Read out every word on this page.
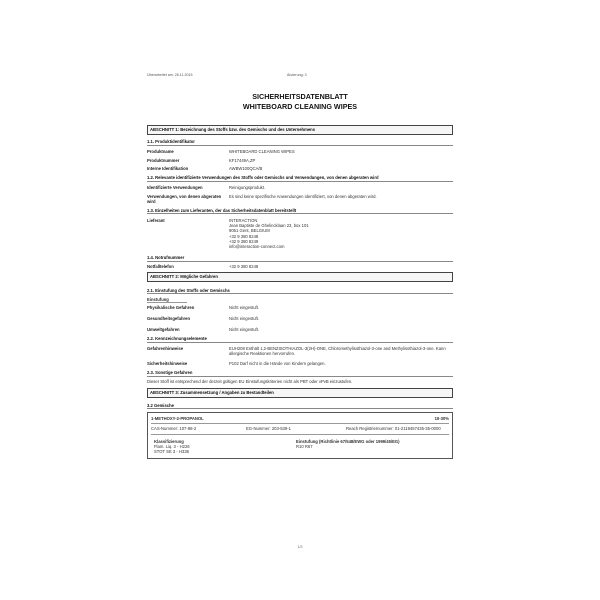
Überarbeitet am: 26.11.2015	Änderung: 3
SICHERHEITSDATENBLATT
WHITEBOARD CLEANING WIPES
ABSCHNITT 1: Bezeichnung des Stoffs bzw. des Gemischs und des Unternehmens
1.1. Produktidentifikator
Produktname	WHITEBOARD CLEANING WIPES
Produktnummer	KF17449A,ZP
Interne Identifikation	AWBW100QCA/B
1.2. Relevante identifizierte Verwendungen des Stoffs oder Gemischs und Verwendungen, von denen abgeraten wird
Identifizierte Verwendungen	Reinigungsprodukt.
Verwendungen, von denen abgeraten wird
Es sind keine spezifische Anwendungen identifiziert, von denen abgeraten wird.
1.3. Einzelheiten zum Lieferanten, der das Sicherheitsdatenblatt bereitstellt
Lieferant	INTERACTION
Jean Baptiste de Ghelincklaan 23, box 101
9051 Gent, BELGIUM
+32 9 380 8248
+32 9 380 8249
info@interaction-connect.com
1.4. Notrufnummer
Notfalltelefon	+32 9 380 8248
ABSCHNITT 2: Mögliche Gefahren
2.1. Einstufung des Stoffs oder Gemischs
Einstufung
Physikalische Gefahren	Nicht eingestuft.
Gesundheitsgefahren	Nicht eingestuft.
Umweltgefahren	Nicht eingestuft.
2.2. Kennzeichnungselemente
Gefahrenhinweise	EUH208 Enthält 1,2-BENZISOTHIAZOL-3(2H)-ONE, Chloromethylisothiazol-3-one and Methylisothiazol-3-one. Kann allergische Reaktionen hervorrufen.
Sicherheitshinweise	P102 Darf nicht in die Hände von Kindern gelangen.
2.3. Sonstige Gefahren
Dieser Stoff ist entsprechend der derzeit gültigen EU Einstufungskriterien nicht als PBT oder vPvB einzustufen.
ABSCHNITT 3: Zusammensetzung / Angaben zu Bestandteilen
3.2 Gemische
1-METHOXY-2-PROPANOL	10-30%
CAS-Nummer: 107-98-2	EG-Nummer: 203-539-1	Reach Registriernummer: 01-2119457435-35-0000
Klassifizierung
Flam. Liq. 3 - H226
STOT SE 3 - H336
Einstufung (Richtlinie 67/548/EWG oder 1999/45/EG)
R10 R67
1/3
